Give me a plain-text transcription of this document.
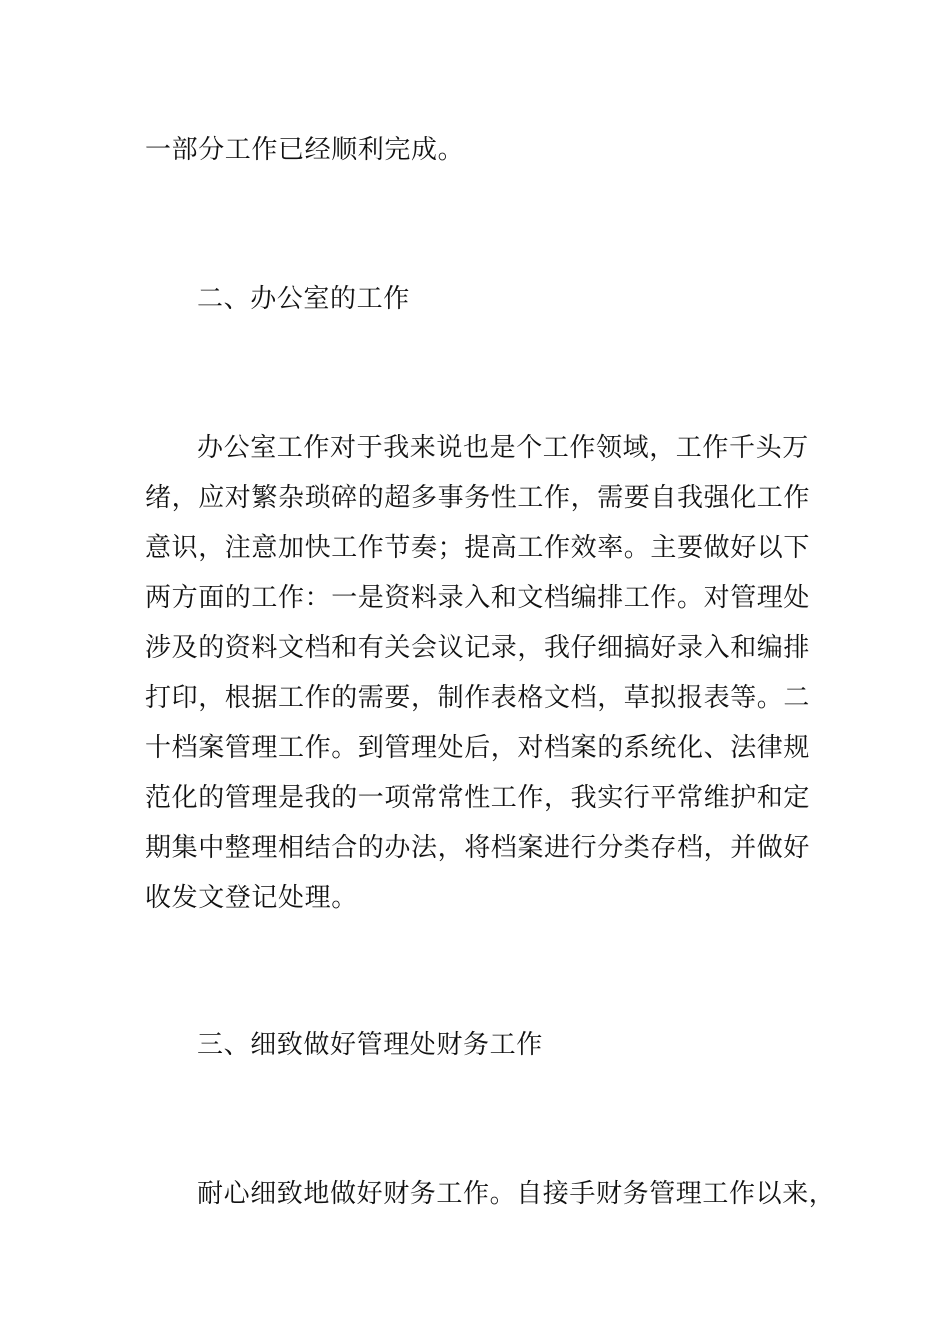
一部分工作已经顺利完成。
二、办公室的工作
办公室工作对于我来说也是个工作领域，工作千头万
绪，应对繁杂琐碎的超多事务性工作，需要自我强化工作
意识，注意加快工作节奏；提高工作效率。主要做好以下
两方面的工作：一是资料录入和文档编排工作。对管理处
涉及的资料文档和有关会议记录，我仔细搞好录入和编排
打印，根据工作的需要，制作表格文档，草拟报表等。二
十档案管理工作。到管理处后，对档案的系统化、法律规
范化的管理是我的一项常常性工作，我实行平常维护和定
期集中整理相结合的办法，将档案进行分类存档，并做好
收发文登记处理。
三、细致做好管理处财务工作
耐心细致地做好财务工作。自接手财务管理工作以来，
